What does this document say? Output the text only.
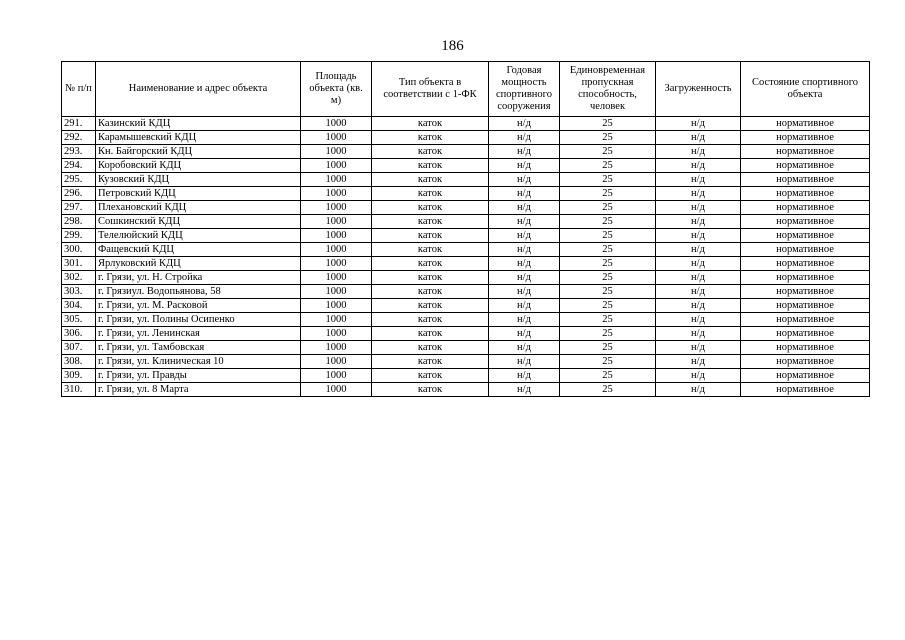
186
№ п/п	Наименование и адрес объекта	Площадь объекта (кв. м)	Тип объекта в соответствии с 1-ФК	Годовая мощность спортивного сооружения	Единовременная пропускная способность, человек	Загруженность	Состояние спортивного объекта
291.	Казинский КДЦ	1000	каток	н/д	25	н/д	нормативное
292.	Карамышевский КДЦ	1000	каток	н/д	25	н/д	нормативное
293.	Кн. Байгорский КДЦ	1000	каток	н/д	25	н/д	нормативное
294.	Коробовский КДЦ	1000	каток	н/д	25	н/д	нормативное
295.	Кузовский КДЦ	1000	каток	н/д	25	н/д	нормативное
296.	Петровский КДЦ	1000	каток	н/д	25	н/д	нормативное
297.	Плехановский КДЦ	1000	каток	н/д	25	н/д	нормативное
298.	Сошкинский КДЦ	1000	каток	н/д	25	н/д	нормативное
299.	Телелюйский КДЦ	1000	каток	н/д	25	н/д	нормативное
300.	Фащевский КДЦ	1000	каток	н/д	25	н/д	нормативное
301.	Ярлуковский КДЦ	1000	каток	н/д	25	н/д	нормативное
302.	г. Грязи, ул. Н. Стройка	1000	каток	н/д	25	н/д	нормативное
303.	г. Грязиул. Водопьянова, 58	1000	каток	н/д	25	н/д	нормативное
304.	г. Грязи, ул. М. Расковой	1000	каток	н/д	25	н/д	нормативное
305.	г. Грязи, ул. Полины Осипенко	1000	каток	н/д	25	н/д	нормативное
306.	г. Грязи, ул. Ленинская	1000	каток	н/д	25	н/д	нормативное
307.	г. Грязи, ул. Тамбовская	1000	каток	н/д	25	н/д	нормативное
308.	г. Грязи, ул. Клиническая 10	1000	каток	н/д	25	н/д	нормативное
309.	г. Грязи, ул. Правды	1000	каток	н/д	25	н/д	нормативное
310.	г. Грязи, ул. 8 Марта	1000	каток	н/д	25	н/д	нормативное
